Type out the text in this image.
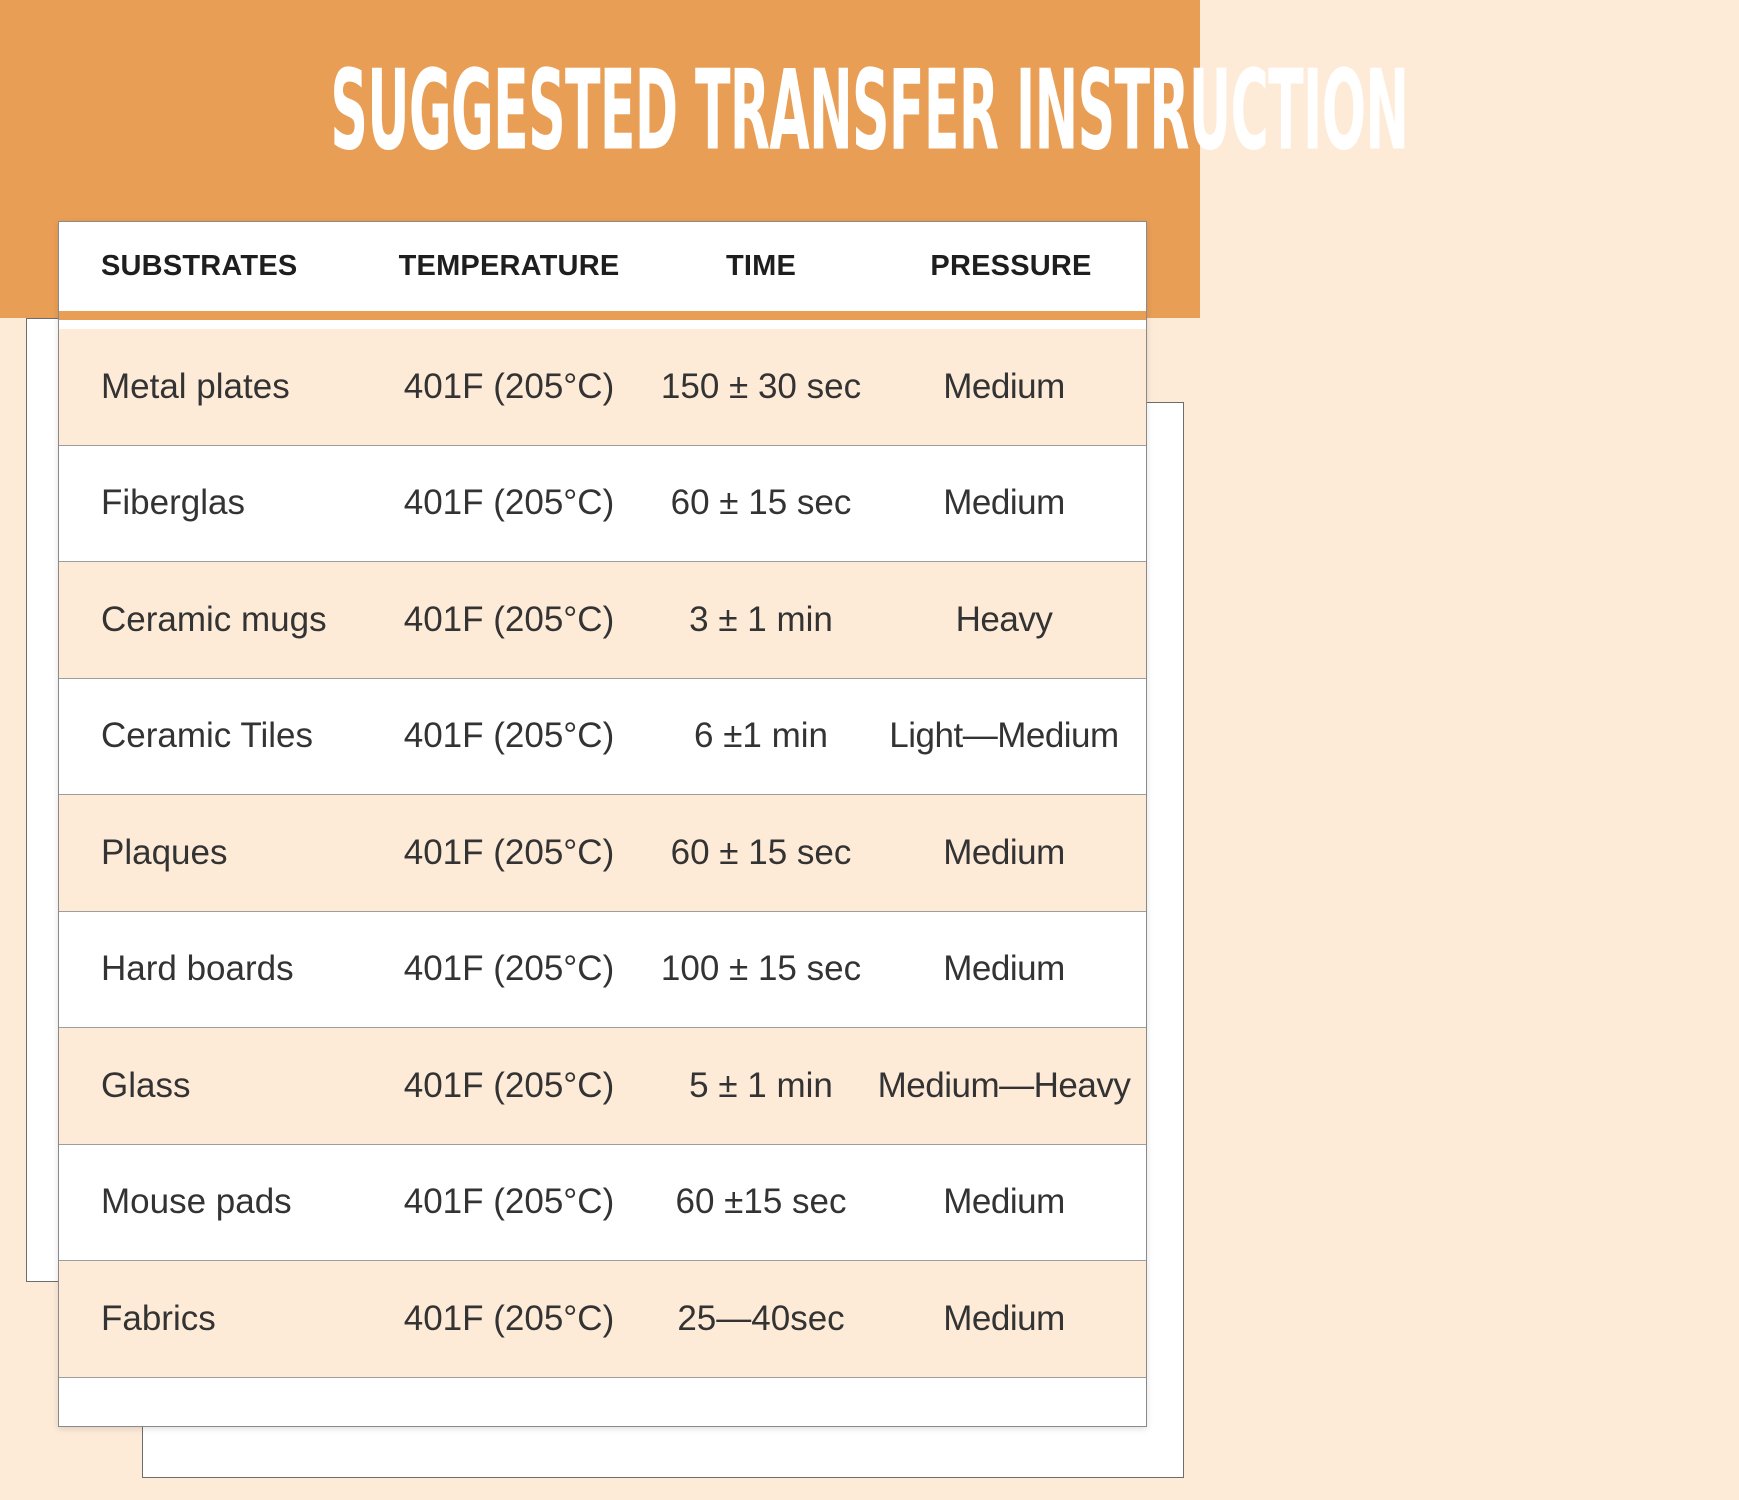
SUGGESTED TRANSFER INSTRUCTION
SUBSTRATES	TEMPERATURE	TIME	PRESSURE
Metal plates	401F (205°C)	150 ± 30 sec	Medium
Fiberglas	401F (205°C)	60 ± 15 sec	Medium
Ceramic mugs	401F (205°C)	3 ± 1 min	Heavy
Ceramic Tiles	401F (205°C)	6 ±1 min	Light—Medium
Plaques	401F (205°C)	60 ± 15 sec	Medium
Hard boards	401F (205°C)	100 ± 15 sec	Medium
Glass	401F (205°C)	5 ± 1 min	Medium—Heavy
Mouse pads	401F (205°C)	60 ±15 sec	Medium
Fabrics	401F (205°C)	25—40sec	Medium
